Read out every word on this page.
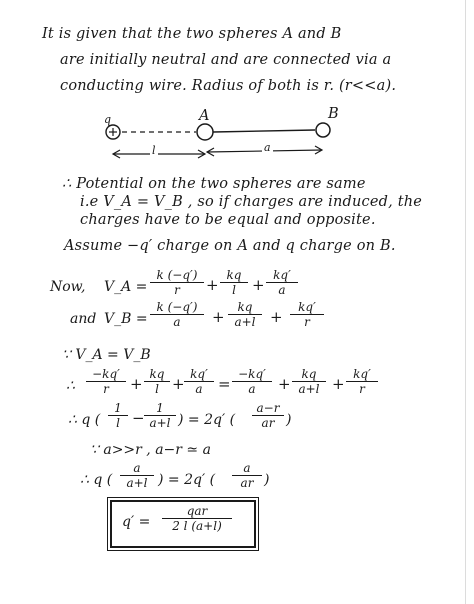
It is given that the two spheres A and B
are initially neutral and are connected via a
conducting wire. Radius of both is r. (r<<a).
q	A	B
l	a
∴ Potential on the two spheres are same
i.e V_A = V_B , so if charges are induced, the
charges have to be equal and opposite.
Assume −q′ charge on A and q charge on B.
Now, V_A =
k (−q′)
r	+
kq
l	+
kq′
a
and V_B =
k (−q′)
a	+
kq
a+l +
kq′
r
∵ V_A = V_B
∴
−kq′
r	+
kq
l +
kq′
a	=
−kq′
a	+
kq
a+l +
kq′
r
∴ q (
1
l −
1
a+l ) = 2q′ (
a−r
ar )
∵ a>>r , a−r ≃ a
∴ q (
a
a+l ) = 2q′ (
a
ar )
q′ =
qar
2 l (a+l)
